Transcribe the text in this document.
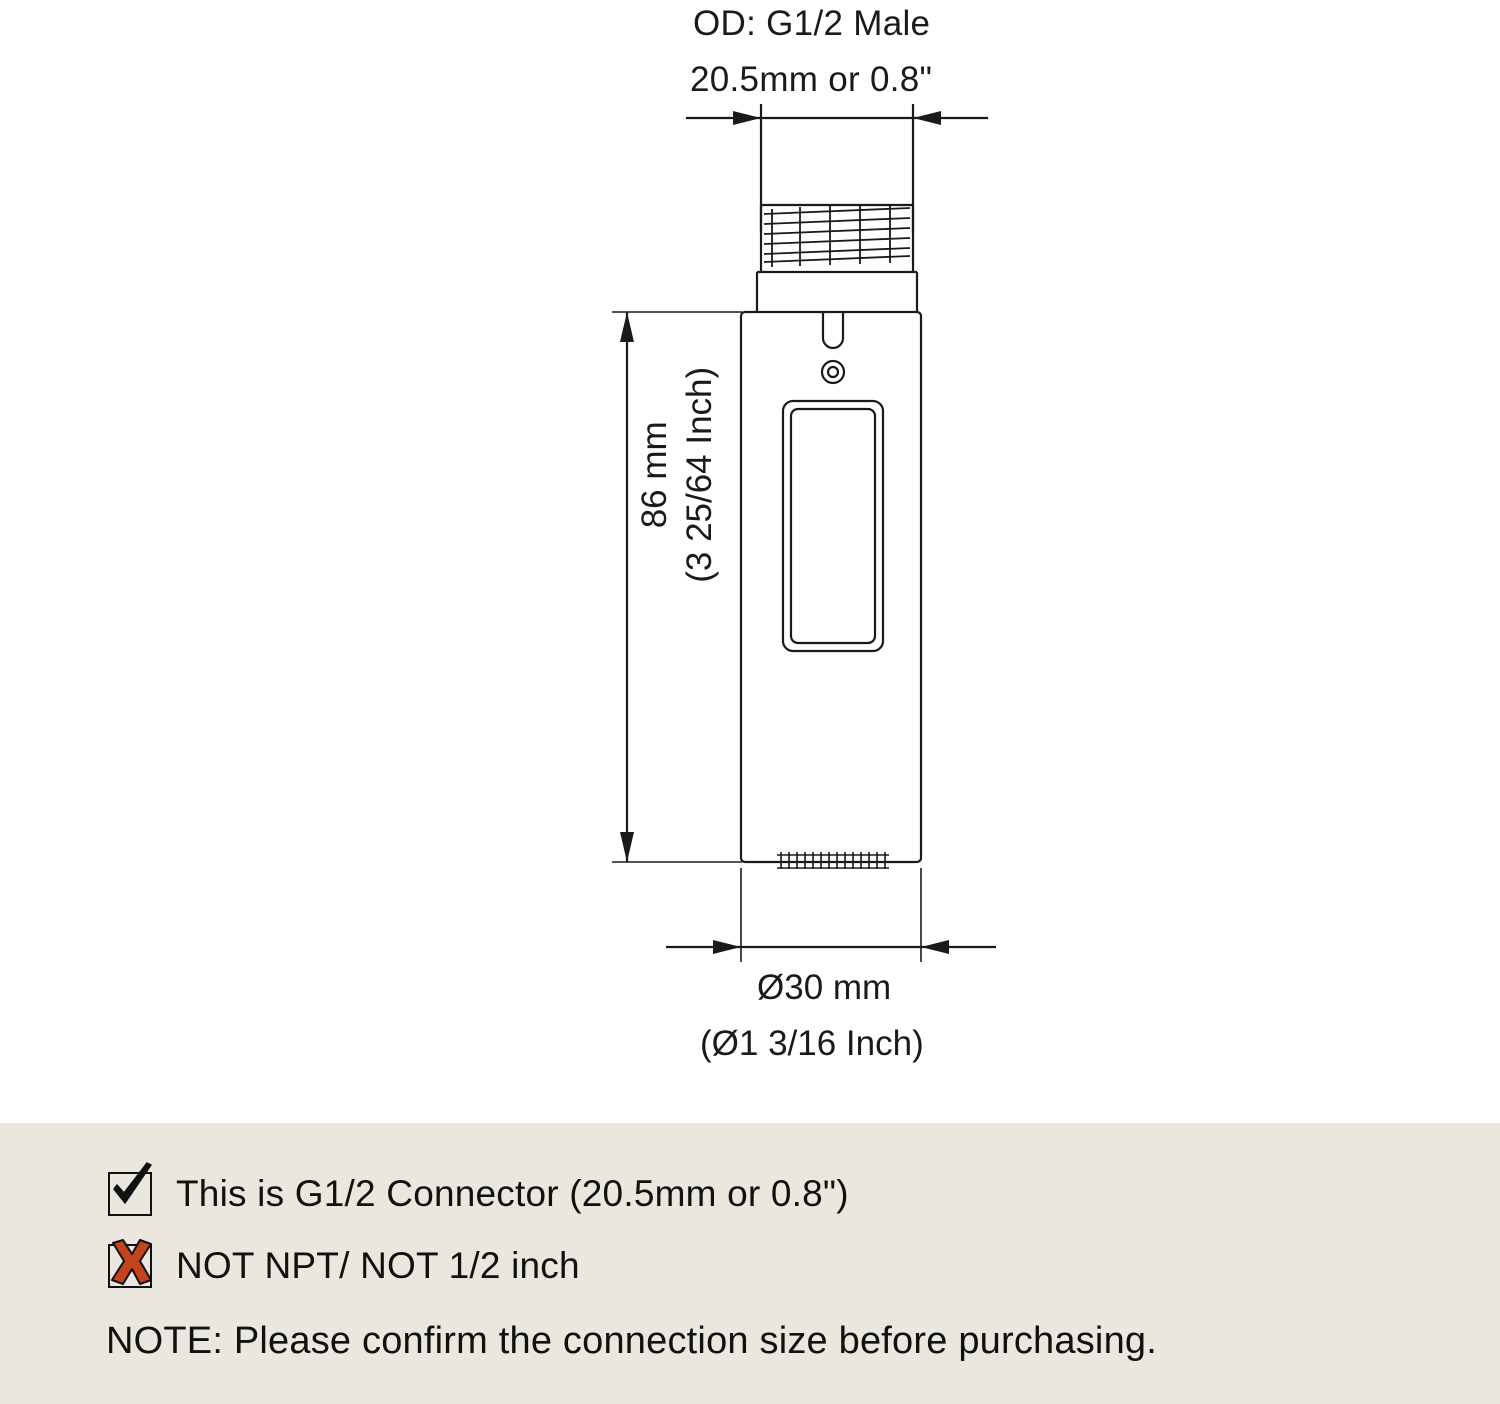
OD: G1/2 Male
20.5mm or 0.8"
86 mm (3 25/64 Inch)
Ø30 mm
(Ø1 3/16 Inch)
This is G1/2 Connector (20.5mm or 0.8")
NOT NPT/ NOT 1/2 inch
NOTE: Please confirm the connection size before purchasing.
